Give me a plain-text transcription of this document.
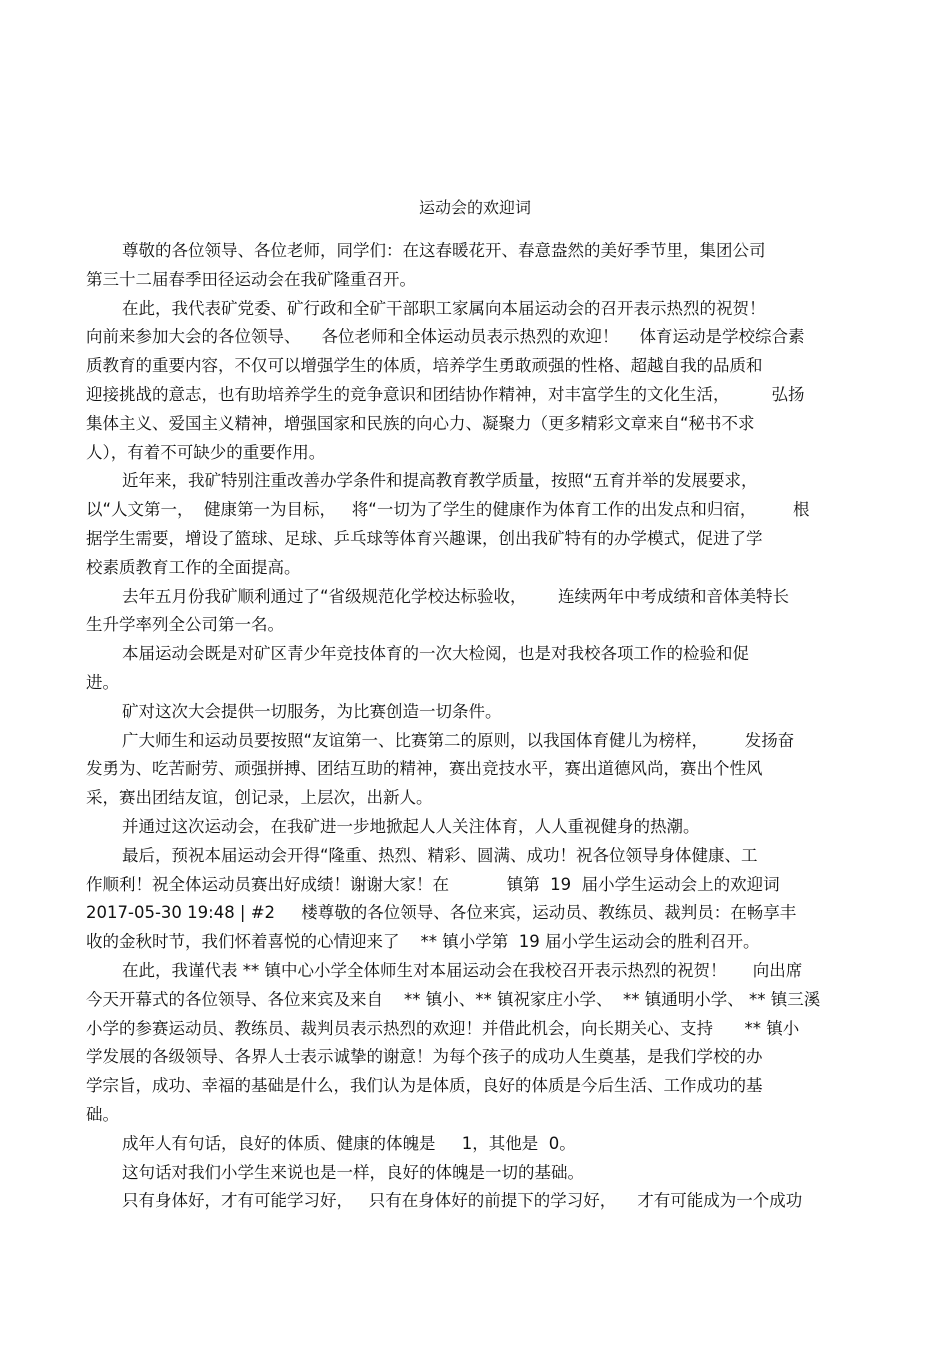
运动会的欢迎词
尊敬的各位领导、各位老师，同学们：在这春暖花开、春意盎然的美好季节里，集团公司
第三十二届春季田径运动会在我矿隆重召开。
在此，我代表矿党委、矿行政和全矿干部职工家属向本届运动会的召开表示热烈的祝贺！
向前来参加大会的各位领导、    各位老师和全体运动员表示热烈的欢迎！    体育运动是学校综合素
质教育的重要内容，不仅可以增强学生的体质，培养学生勇敢顽强的性格、超越自我的品质和
迎接挑战的意志，也有助培养学生的竞争意识和团结协作精神，对丰富学生的文化生活，        弘扬
集体主义、爱国主义精神，增强国家和民族的向心力、凝聚力（更多精彩文章来自“秘书不求
人），有着不可缺少的重要作用。
近年来，我矿特别注重改善办学条件和提高教育教学质量，按照“五育并举的发展要求，
以“人文第一，  健康第一为目标，   将“一切为了学生的健康作为体育工作的出发点和归宿，       根
据学生需要，增设了篮球、足球、乒乓球等体育兴趣课，创出我矿特有的办学模式，促进了学
校素质教育工作的全面提高。
去年五月份我矿顺利通过了“省级规范化学校达标验收，      连续两年中考成绩和音体美特长
生升学率列全公司第一名。
本届运动会既是对矿区青少年竞技体育的一次大检阅，也是对我校各项工作的检验和促
进。
矿对这次大会提供一切服务，为比赛创造一切条件。
广大师生和运动员要按照“友谊第一、比赛第二的原则，以我国体育健儿为榜样，       发扬奋
发勇为、吃苦耐劳、顽强拼搏、团结互助的精神，赛出竞技水平，赛出道德风尚，赛出个性风
采，赛出团结友谊，创记录，上层次，出新人。
并通过这次运动会，在我矿进一步地掀起人人关注体育，人人重视健身的热潮。
最后，预祝本届运动会开得“隆重、热烈、精彩、圆满、成功！祝各位领导身体健康、工
作顺利！祝全体运动员赛出好成绩！谢谢大家！在           镇第  19  届小学生运动会上的欢迎词
2017-05-30 19:48 | #2     楼尊敬的各位领导、各位来宾，运动员、教练员、裁判员：在畅享丰
收的金秋时节，我们怀着喜悦的心情迎来了    ** 镇小学第  19 届小学生运动会的胜利召开。
在此，我谨代表 ** 镇中心小学全体师生对本届运动会在我校召开表示热烈的祝贺！     向出席
今天开幕式的各位领导、各位来宾及来自    ** 镇小、** 镇祝家庄小学、  ** 镇通明小学、 ** 镇三溪
小学的参赛运动员、教练员、裁判员表示热烈的欢迎！并借此机会，向长期关心、支持      ** 镇小
学发展的各级领导、各界人士表示诚挚的谢意！为每个孩子的成功人生奠基，是我们学校的办
学宗旨，成功、幸福的基础是什么，我们认为是体质，良好的体质是今后生活、工作成功的基
础。
成年人有句话，良好的体质、健康的体魄是     1，其他是  0。
这句话对我们小学生来说也是一样，良好的体魄是一切的基础。
只有身体好，才有可能学习好，   只有在身体好的前提下的学习好，    才有可能成为一个成功
